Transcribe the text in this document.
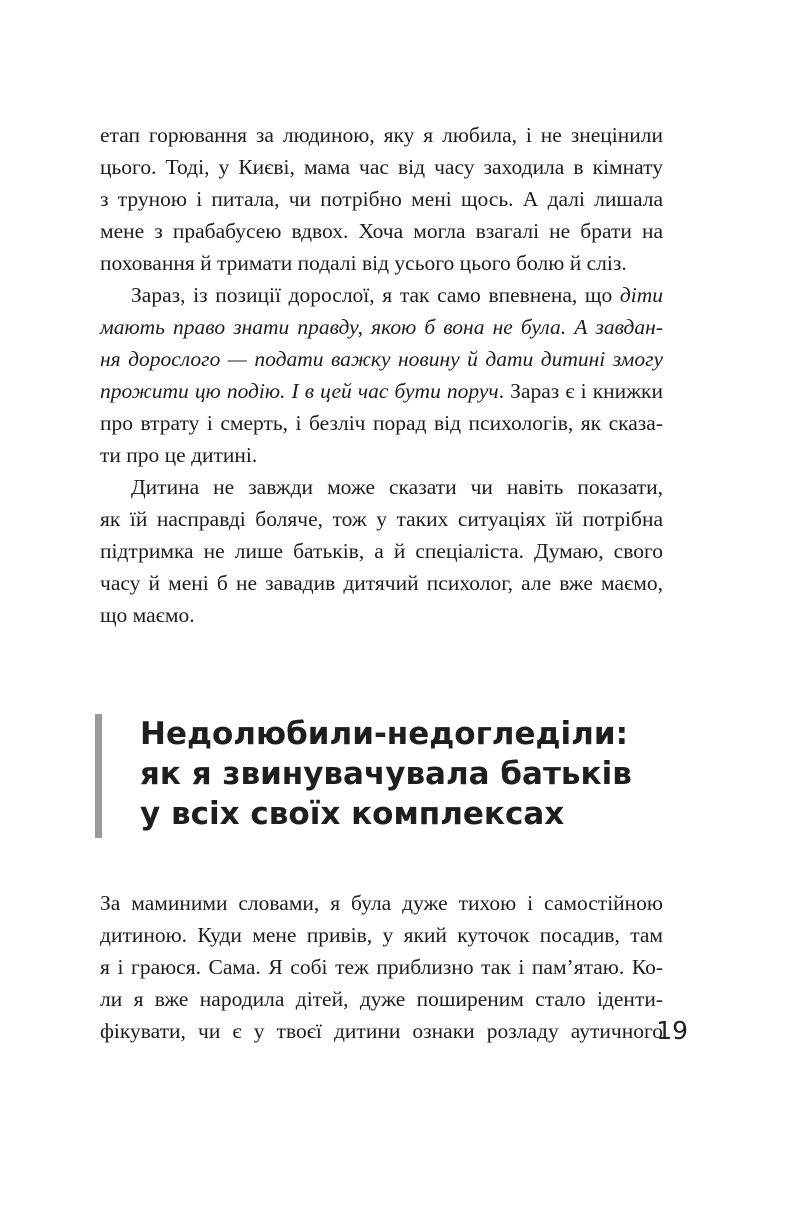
етап горювання за людиною, яку я любила, і не знецінили
цього. Тоді, у Києві, мама час від часу заходила в кімнату
з труною і питала, чи потрібно мені щось. А далі лишала
мене з прабабусею вдвох. Хоча могла взагалі не брати на
поховання й тримати подалі від усього цього болю й сліз.
Зараз, із позиції дорослої, я так само впевнена, що діти
мають право знати правду, якою б вона не була. А завдан-
ня дорослого — подати важку новину й дати дитині змогу
прожити цю подію. І в цей час бути поруч. Зараз є і книжки
про втрату і смерть, і безліч порад від психологів, як сказа-
ти про це дитині.
Дитина не завжди може сказати чи навіть показати,
як їй насправді боляче, тож у таких ситуаціях їй потрібна
підтримка не лише батьків, а й спеціаліста. Думаю, свого
часу й мені б не завадив дитячий психолог, але вже маємо,
що маємо.
Недолюбили-недогледіли:
як я звинувачувала батьків
у всіх своїх комплексах
За маминими словами, я була дуже тихою і самостійною
дитиною. Куди мене привів, у який куточок посадив, там
я і граюся. Сама. Я собі теж приблизно так і пам’ятаю. Ко-
ли я вже народила дітей, дуже поширеним стало іденти-
фікувати, чи є у твоєї дитини ознаки розладу аутичного
19
